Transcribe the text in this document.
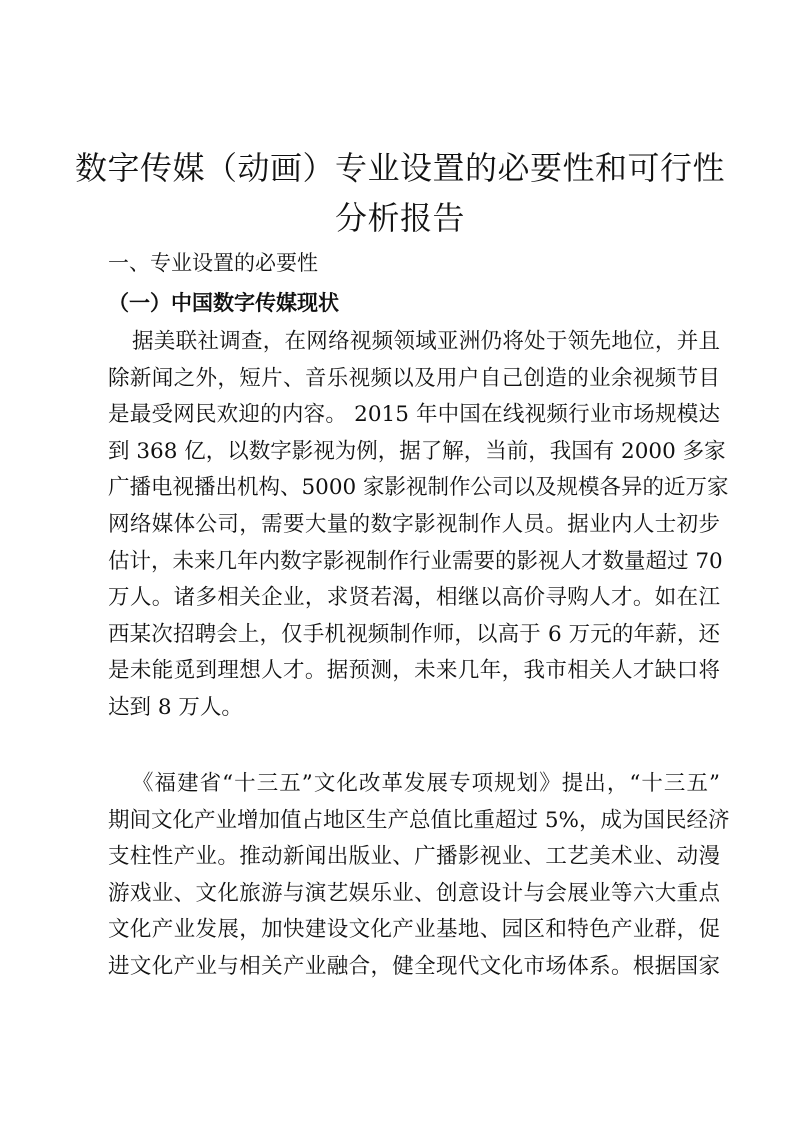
数字传媒（动画）专业设置的必要性和可行性
分析报告
一、专业设置的必要性
（一）中国数字传媒现状
据美联社调查，在网络视频领域亚洲仍将处于领先地位，并且
除新闻之外，短片、音乐视频以及用户自己创造的业余视频节目
是最受网民欢迎的内容。 2015 年中国在线视频行业市场规模达
到 368 亿，以数字影视为例，据了解，当前，我国有 2000 多家
广播电视播出机构、5000 家影视制作公司以及规模各异的近万家
网络媒体公司，需要大量的数字影视制作人员。据业内人士初步
估计，未来几年内数字影视制作行业需要的影视人才数量超过 70
万人。诸多相关企业，求贤若渴，相继以高价寻购人才。如在江
西某次招聘会上，仅手机视频制作师，以高于 6 万元的年薪，还
是未能觅到理想人才。据预测，未来几年，我市相关人才缺口将
达到 8 万人。
《福建省“十三五”文化改革发展专项规划》提出，“十三五”
期间文化产业增加值占地区生产总值比重超过 5%，成为国民经济
支柱性产业。推动新闻出版业、广播影视业、工艺美术业、动漫
游戏业、文化旅游与演艺娱乐业、创意设计与会展业等六大重点
文化产业发展，加快建设文化产业基地、园区和特色产业群，促
进文化产业与相关产业融合，健全现代文化市场体系。根据国家
